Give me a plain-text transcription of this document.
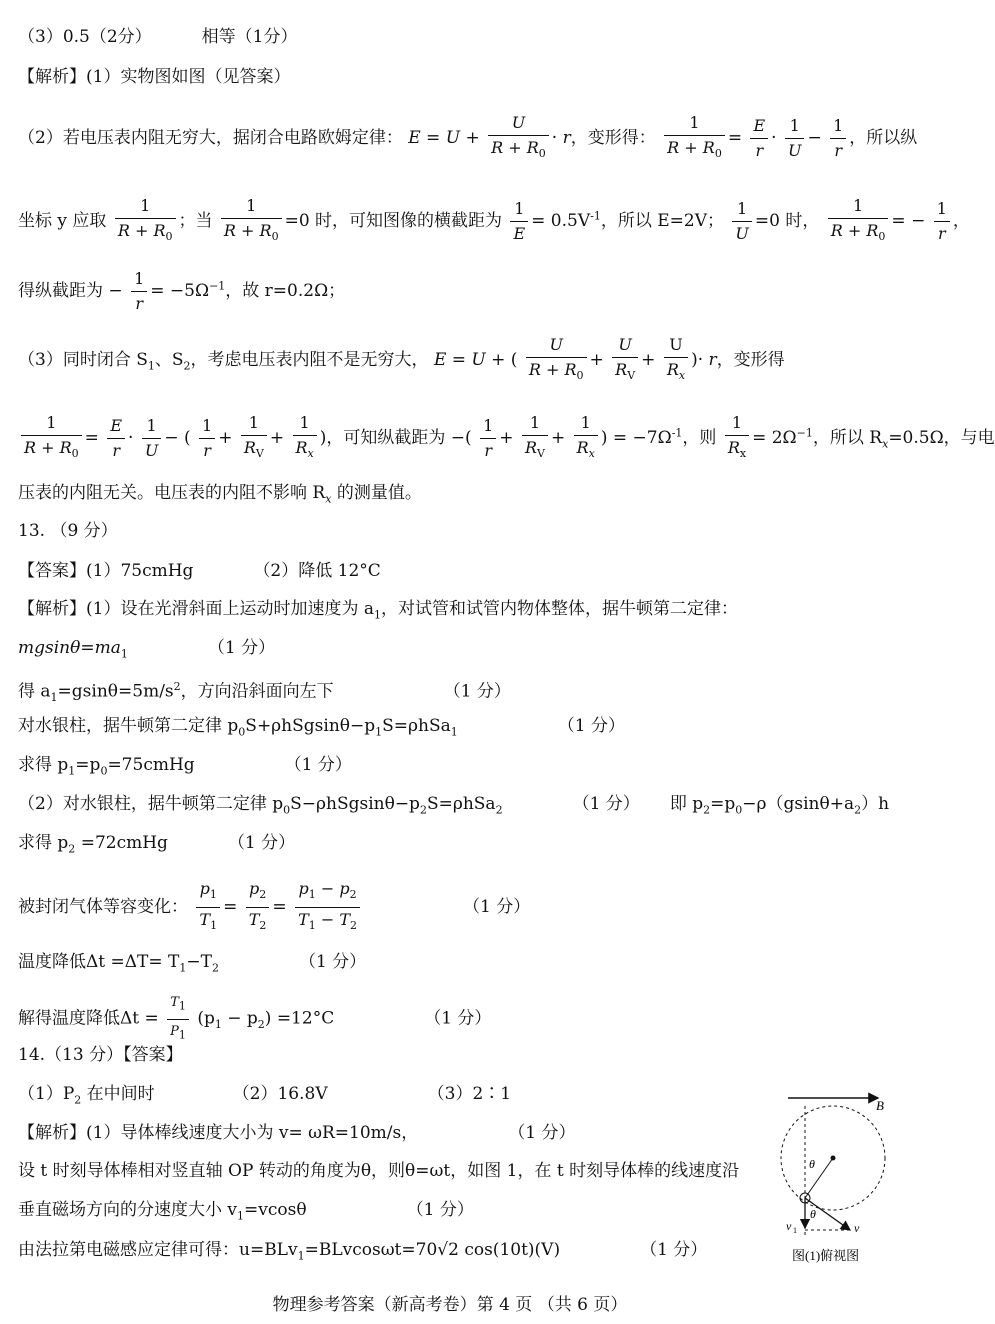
（3）0.5（2分）	相等（1分）
【解析】(1）实物图如图（见答案）
（2）若电压表内阻无穷大，据闭合电路欧姆定律： $E = U + \frac{U}{R + R_0} \cdot r$，变形得： $\frac{1}{R + R_0} = \frac{E}{r} \cdot \frac{1}{U} - \frac{1}{r}$ ，所以纵
坐标 y 应取 $\frac{1}{R + R_0}$ ；当 $\frac{1}{R + R_0} =0$ 时，可知图像的横截距为 $\frac{1}{E} = 0.5V^{-1}$，所以 E=2V； $\frac{1}{U} =0$ 时， $\frac{1}{R + R_0}$ = − $\frac{1}{r}$ ，
得纵截距为 − $\frac{1}{r} = -5\Omega^{-1}$，故 r=0.2Ω；
（3）同时闭合 $S_1$、$S_2$，考虑电压表内阻不是无穷大， E = U + ( $\frac{U}{R + R_0} + \frac{U}{R_V} + \frac{U}{R_x}$ )· r，变形得
$\frac{1}{R + R_0} = \frac{E}{r} \cdot \frac{1}{U}$ − ( $\frac{1}{r} + \frac{1}{R_V} + \frac{1}{R_x}$ )，可知纵截距为 −( $\frac{1}{r} + \frac{1}{R_V} + \frac{1}{R_x}$ ) = $-7\Omega^{-1}$，则 $\frac{1}{R_x} = 2\Omega^{-1}$，所以 $R_x=0.5\Omega$，与电
压表的内阻无关。电压表的内阻不影响 $R_x$ 的测量值。
13. （9 分）
【答案】(1）75cmHg	（2）降低 12°C
【解析】(1）设在光滑斜面上运动时加速度为 $a_1$，对试管和试管内物体整体，据牛顿第二定律：
$mgsin\theta=ma_1$	（1 分）
得 $a_1=gsin\theta=5m/s^2$，方向沿斜面向左下	（1 分）
对水银柱，据牛顿第二定律 $p_0S+\rho hSgsin\theta-p_1S=\rho hSa_1$	（1 分）
求得 $p_1=p_0=75cmHg$	（1 分）
（2）对水银柱，据牛顿第二定律 $p_0S-\rho hSgsin\theta-p_2S=\rho hSa_2$	（1 分） 即 $p_2=p_0-\rho(gsin\theta+a_2)h$
求得 $p_2$ =72cmHg	（1 分）
被封闭气体等容变化： $\frac{p_1}{T_1} = \frac{p_2}{T_2} = \frac{p_1 - p_2}{T_1 - T_2}$	（1 分）
温度降低$\Delta t =\Delta T= T_1-T_2$	（1 分）
解得温度降低$\Delta t = \frac{T_1}{P_1} (p_1 - p_2) =12^\circ C$	（1 分）
14.（13 分）【答案】
$(1)P_2$ 在中间时	（2）16.8V	（3）2∶1
【解析】(1）导体棒线速度大小为 v= ωR=10m/s，	（1 分）
设 t 时刻导体棒相对竖直轴 OP 转动的角度为θ，则θ=ωt，如图 1，在 t 时刻导体棒的线速度沿
垂直磁场方向的分速度大小 $v_1=vcos\theta$	（1 分）
由法拉第电磁感应定律可得：u=BLv$_1$=BLvcosωt=70√2 cos(10t)(V)	（1 分）
B
θ
θ
v
v 1
图(1)俯视图
物理参考答案（新高考卷）第 4 页 （共 6 页）
